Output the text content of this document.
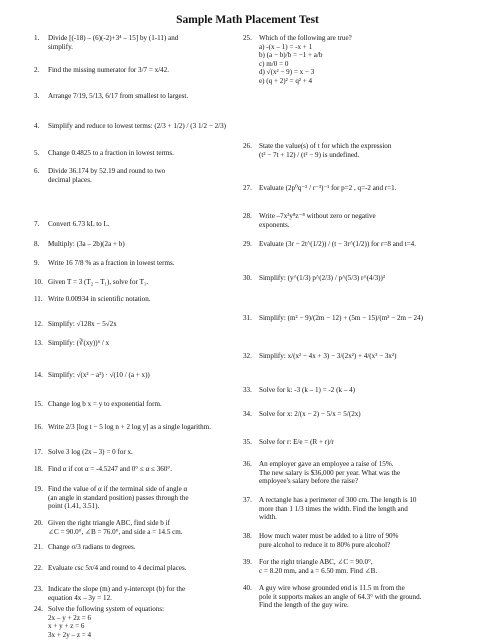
Sample Math Placement Test
1.	Divide [(-18) – (6)(-2)+3⁴ – 15] by (1-11) and
simplify.
2.	Find the missing numerator for 3/7 = x/42.
3.	Arrange 7/19, 5/13, 6/17 from smallest to largest.
4.	Simplify and reduce to lowest terms: (2/3 + 1/2) / (3 1/2 − 2/3)
5.	Change 0.4825 to a fraction in lowest terms.
6.	Divide 36.174 by 52.19 and round to two
decimal places.
7.	Convert 6.73 kL to L.
8.	Multiply: (3a – 2b)(2a + b)
9.	Write 16 7/8 % as a fraction in lowest terms.
10. Given T = 3 (T₂ – T₁), solve for T₁.
11. Write 0.00934 in scientific notation.
12. Simplify: √128x − 5√2x
13. Simplify: (∛(xy))⁶ / x
14. Simplify: √(x² − a²) · √(10 / (a + x))
15. Change log b x = y to exponential form.
16. Write 2/3 [log t − 5 log n + 2 log y] as a single logarithm.
17. Solve 3 log (2x – 3) = 0 for x.
18. Find α if cot α = -4.5247 and 0° ≤ α ≤ 360°.
19. Find the value of α if the terminal side of angle α
(an angle in standard position) passes through the
point (1.41, 3.51).
20. Given the right triangle ABC, find side b if
∠C = 90.0°, ∠B = 76.0°, and side a = 14.5 cm.
21. Change σ/3 radians to degrees.
22. Evaluate csc 5π/4 and round to 4 decimal places.
23. Indicate the slope (m) and y-intercept (b) for the
equation 4x – 3y = 12.
24. Solve the following system of equations:
2x – y + 2z = 6
x + y + z = 6
3x + 2y – z = 4
25.	Which of the following are true?
a) -(x – 1) = -x + 1
b) (a − b)/b = −1 + a/b
c) m/0 = 0
d) √(x² − 9) = x − 3
e) (q + 2)² = q² + 4
26.	State the value(s) of t for which the expression
(t² − 7t + 12) / (t² − 9) is undefined.
27.	Evaluate (2p⁰q⁻² / r⁻³)⁻¹ for p=2 , q=-2 and r=1.
28.	Write –7x³y⁸z⁻⁸ without zero or negative
exponents.
29.	Evaluate (3r − 2t^(1/2)) / (t − 3r^(1/2)) for r=8 and t=4.
30.	Simplify: (y^(1/3) p^(2/3) / p^(5/3) r^(4/3))³
31.	Simplify: (m² − 9)/(2m − 12) + (5m − 15)/(m² − 2m − 24)
32.	Simplify: x/(x² − 4x + 3) − 3/(2x²) + 4/(x³ − 3x²)
33.	Solve for k: -3 (k – 1) = -2 (k – 4)
34.	Solve for x: 2/(x − 2) − 5/x = 5/(2x)
35.	Solve for r: E/e = (R + r)/r
36.	An employer gave an employee a raise of 15%.
The new salary is $36,000 per year. What was the
employee's salary before the raise?
37.	A rectangle has a perimeter of 300 cm. The length is 10
more than 1 1/3 times the width. Find the length and
width.
38.	How much water must be added to a litre of 90%
pure alcohol to reduce it to 80% pure alcohol?
39.	For the right triangle ABC, ∠C = 90.0°,
c = 8.20 mm, and a = 6.50 mm. Find ∠B.
40.	A guy wire whose grounded end is 11.5 m from the
pole it supports makes an angle of 64.3° with the ground.
Find the length of the guy wire.
